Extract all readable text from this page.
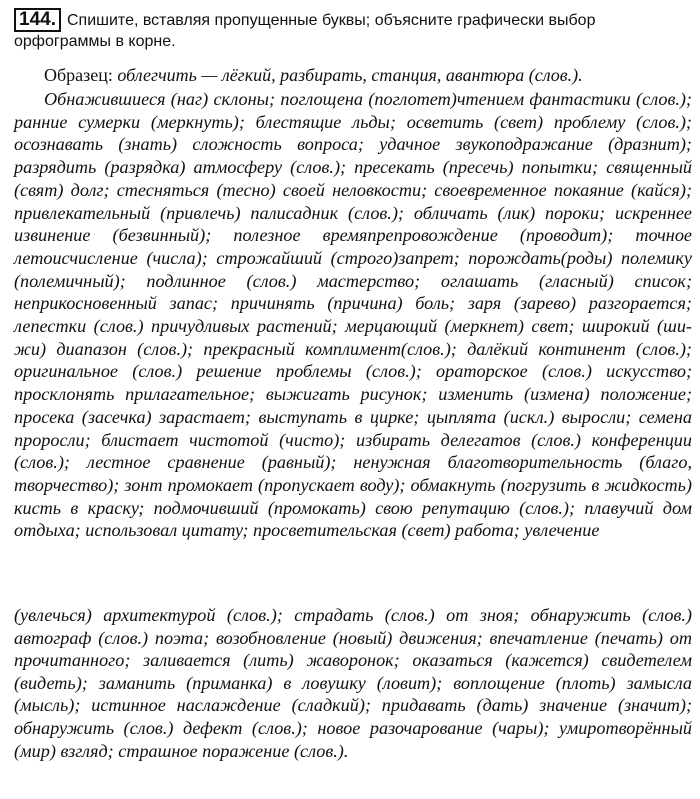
144. Спишите, вставляя пропущенные буквы; объясните графически выбор орфограммы в корне.
Образец: облегчить — лёгкий, разбирать, станция, авантюра (слов.).

Обнажившиеся (наг) склоны; поглощена (поглотет)чтением фантастики (слов.); ранние сумерки (меркнуть); блестящие льды; осветить (свет) проблему (слов.); осознавать (знать) сложность вопроса; удачное звукоподражание (дразнит); разрядить (разрядка) атмосферу (слов.); пресекать (пресечь) попытки; священный (свят) долг; стесняться (тесно) своей неловкости; своевременное покаяние (кайся); привлекательный (привлечь) палисадник (слов.); обличать (лик) пороки; искреннее извинение (безвинный); полезное времяпрепровождение (проводит); точное летоисчисление (числа); строжайший (строго)запрет; порождать(роды) полемику (полемичный); подлинное (слов.) мастерство; оглашать (гласный) список; неприкосновенный запас; причинять (причина) боль; заря (зарево) разгорается; лепестки (слов.) причудливых растений; мерцающий (меркнет) свет; широкий (ши-жи) диапазон (слов.); прекрасный комплимент(слов.); далёкий континент (слов.); оригинальное (слов.) решение проблемы (слов.); ораторское (слов.) искусство; просклонять прилагательное; выжигать рисунок; изменить (измена) положение; просека (засечка) зарастает; выступать в цирке; цыплята (искл.) выросли; семена проросли; блистает чистотой (чисто); избирать делегатов (слов.) конференции (слов.); лестное сравнение (равный); ненужная благотворительность (благо, творчество); зонт промокает (пропускает воду); обмакнуть (погрузить в жидкость) кисть в краску; подмочивший (промокать) свою репутацию (слов.); плавучий дом отдыха; использовал цитату; просветительская (свет) работа; увлечение

(увлечься) архитектурой (слов.); страдать (слов.) от зноя; обнаружить (слов.) автограф (слов.) поэта; возобновление (новый) движения; впечатление (печать) от прочитанного; заливается (лить) жаворонок; оказаться (кажется) свидетелем (видеть); заманить (приманка) в ловушку (ловит); воплощение (плоть) замысла (мысль); истинное наслаждение (сладкий); придавать (дать) значение (значит); обнаружить (слов.) дефект (слов.); новое разочарование (чары); умиротворённый (мир) взгляд; страшное поражение (слов.).
